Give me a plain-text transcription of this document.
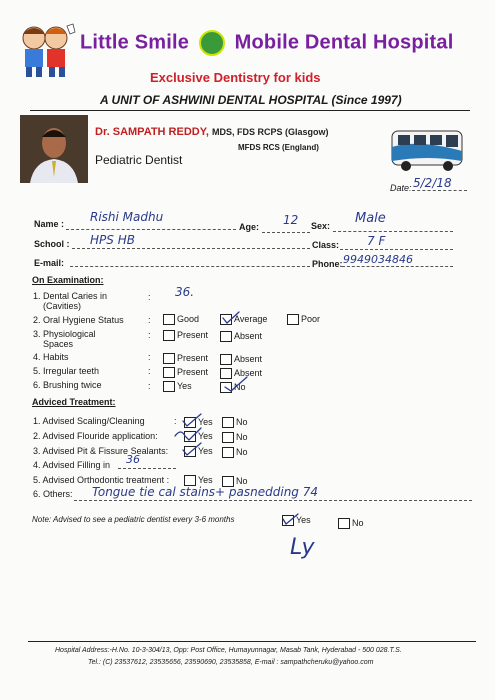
Little Smile Mobile Dental Hospital
Exclusive Dentistry for kids
A UNIT OF ASHWINI DENTAL HOSPITAL (Since 1997)
Dr. SAMPATH REDDY, MDS, FDS RCPS (Glasgow)
MFDS RCS (England)
Pediatric Dentist
Date: 5/2/18
Name : Rishi Madhu
Age: 12 Sex: Male
School : HPS HB	Class: 7 F
E-mail:	Phone: 9949034846
On Examination:
1. Dental Caries in
(Cavities)
: 36.
2. Oral Hygiene Status	:	Good	Average	Poor
3. Physiological
Spaces
:	Present	Absent
4. Habits	:	Present	Absent
5. Irregular teeth	:	Present	Absent
6. Brushing twice	:	Yes	No
Adviced Treatment:
1. Advised Scaling/Cleaning	:	Yes	No
2. Advised Flouride application:	Yes	No
3. Advised Pit & Fissure Sealants:	Yes	No
4. Advised Filling in 36
5. Advised Orthodontic treatment :	Yes	No
6. Others: Tongue tie cal stains+ pasnedding 74
Note: Advised to see a pediatric dentist every 3-6 months	Yes	No
Ly
Hospital Address:-H.No. 10-3-304/13, Opp: Post Office, Humayunnagar, Masab Tank, Hyderabad - 500 028.T.S.
Tel.: (C) 23537612, 23535656, 23590690, 23535858, E-mail : sampathcheruku@yahoo.com
